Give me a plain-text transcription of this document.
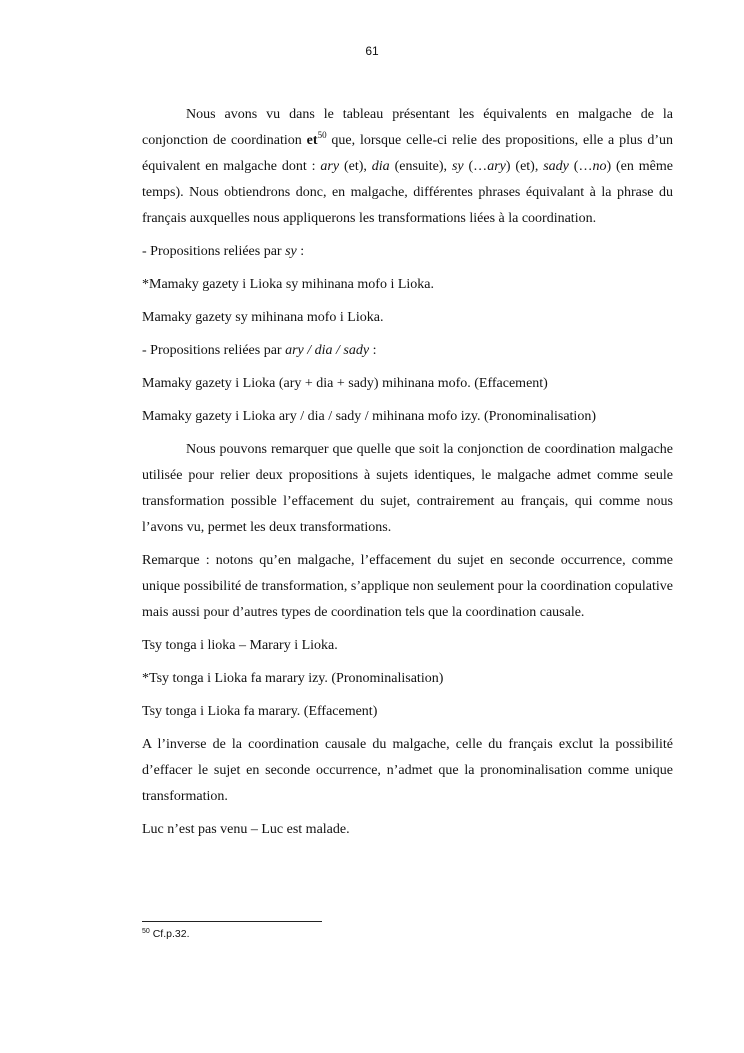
61

Nous avons vu dans le tableau présentant les équivalents en malgache de la conjonction de coordination $et^{50}$ que, lorsque celle-ci relie des propositions, elle a plus d’un équivalent en malgache dont : ary (et), dia (ensuite), sy (…ary) (et), sady (…no) (en même temps). Nous obtiendrons donc, en malgache, différentes phrases équivalant à la phrase du français auxquelles nous appliquerons les transformations liées à la coordination.

- Propositions reliées par sy :

*Mamaky gazety i Lioka sy mihinana mofo i Lioka.

Mamaky gazety sy mihinana mofo i Lioka.

- Propositions reliées par ary / dia / sady :

Mamaky gazety i Lioka (ary + dia + sady) mihinana mofo. (Effacement)

Mamaky gazety i Lioka ary / dia / sady / mihinana mofo izy. (Pronominalisation)

Nous pouvons remarquer que quelle que soit la conjonction de coordination malgache utilisée pour relier deux propositions à sujets identiques, le malgache admet comme seule transformation possible l’effacement du sujet, contrairement au français, qui comme nous l’avons vu, permet les deux transformations.

Remarque : notons qu’en malgache, l’effacement du sujet en seconde occurrence, comme unique possibilité de transformation, s’applique non seulement pour la coordination copulative mais aussi pour d’autres types de coordination tels que la coordination causale.

Tsy tonga i lioka – Marary i Lioka.

*Tsy tonga i Lioka fa marary izy. (Pronominalisation)

Tsy tonga i Lioka fa marary. (Effacement)

A l’inverse de la coordination causale du malgache, celle du français exclut la possibilité d’effacer le sujet en seconde occurrence, n’admet que la pronominalisation comme unique transformation.

Luc n’est pas venu – Luc est malade.

$^{50}$ Cf.p.32.
